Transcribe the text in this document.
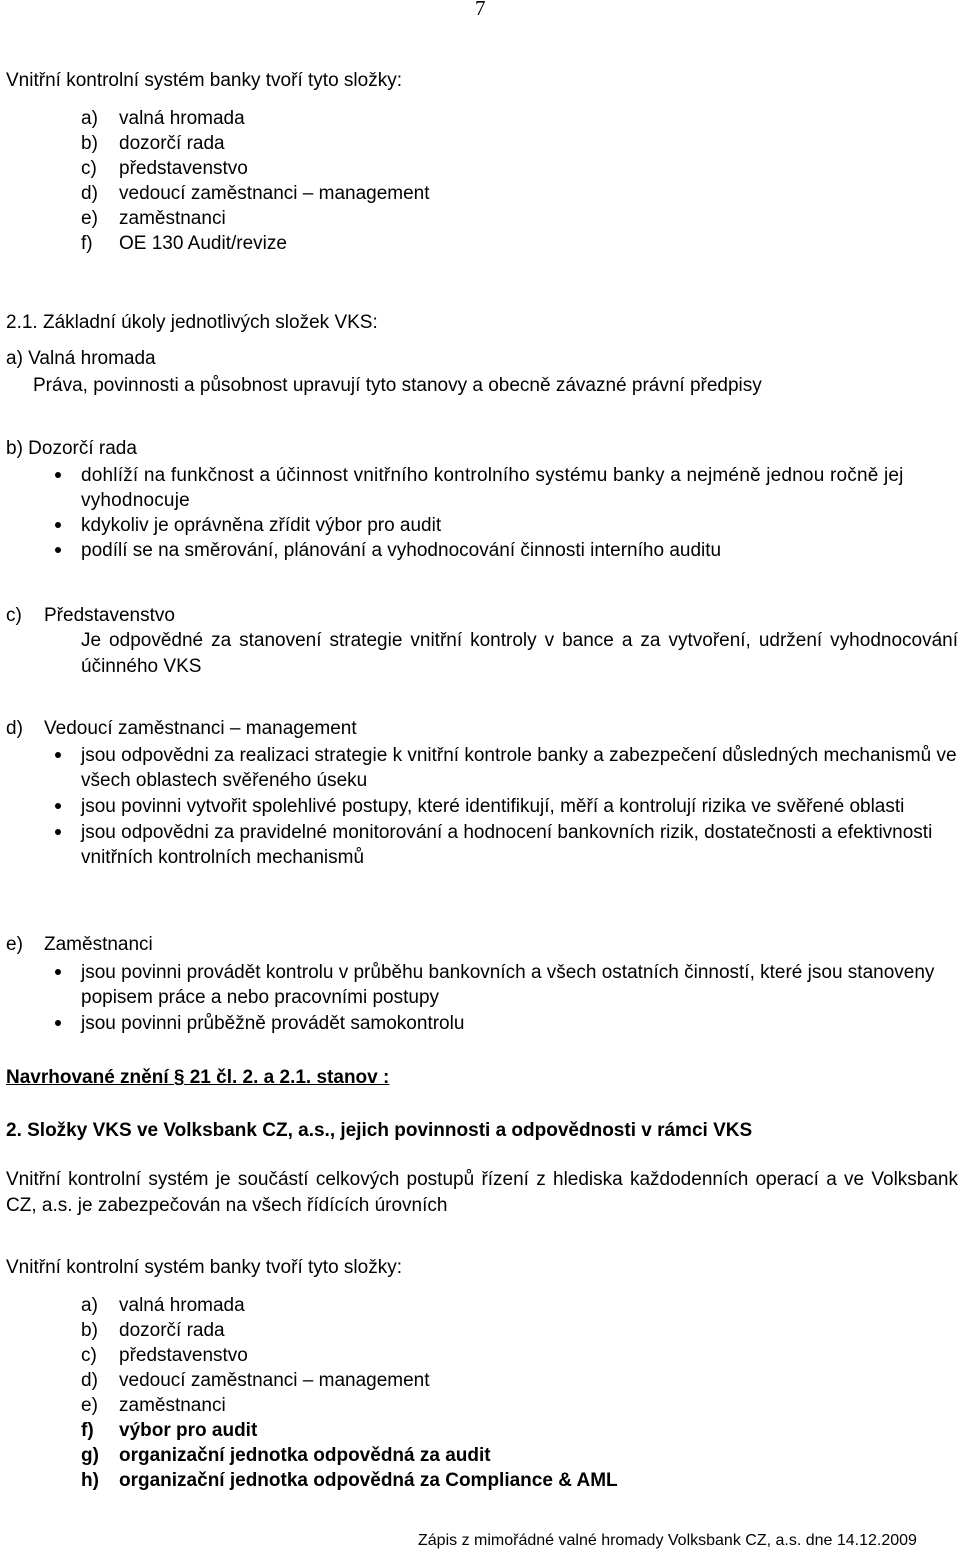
7
Vnitřní kontrolní systém banky tvoří tyto složky:
a) valná hromada
b) dozorčí rada
c) představenstvo
d) vedoucí zaměstnanci – management
e) zaměstnanci
f) OE 130 Audit/revize
2.1. Základní úkoly jednotlivých složek VKS:
a) Valná hromada
Práva, povinnosti a působnost upravují tyto stanovy a obecně závazné právní předpisy
b) Dozorčí rada
dohlíží na funkčnost a účinnost vnitřního kontrolního systému banky a nejméně jednou ročně jej vyhodnocuje
kdykoliv je oprávněna zřídit výbor pro audit
podílí se na směrování, plánování a vyhodnocování činnosti interního auditu
c) Představenstvo
Je odpovědné za stanovení strategie vnitřní kontroly v bance a za vytvoření, udržení vyhodnocování účinného VKS
d) Vedoucí zaměstnanci – management
jsou odpovědni za realizaci strategie k vnitřní kontrole banky a zabezpečení důsledných mechanismů ve všech oblastech svěřeného úseku
jsou povinni vytvořit spolehlivé postupy, které identifikují, měří a kontrolují rizika ve svěřené oblasti
jsou odpovědni za pravidelné monitorování a hodnocení bankovních rizik, dostatečnosti a efektivnosti vnitřních kontrolních mechanismů
e) Zaměstnanci
jsou povinni provádět kontrolu v průběhu bankovních a všech ostatních činností, které jsou stanoveny popisem práce a nebo pracovními postupy
jsou povinni průběžně provádět samokontrolu
Navrhované znění § 21 čl. 2. a 2.1. stanov :
2. Složky VKS ve Volksbank CZ, a.s., jejich povinnosti a odpovědnosti v rámci VKS
Vnitřní kontrolní systém je součástí celkových postupů řízení z hlediska každodenních operací a ve Volksbank CZ, a.s. je zabezpečován na všech řídících úrovních
Vnitřní kontrolní systém banky tvoří tyto složky:
a) valná hromada
b) dozorčí rada
c) představenstvo
d) vedoucí zaměstnanci – management
e) zaměstnanci
f) výbor pro audit
g) organizační jednotka odpovědná za audit
h) organizační jednotka odpovědná za Compliance & AML
Zápis z mimořádné valné hromady Volksbank CZ, a.s. dne 14.12.2009
